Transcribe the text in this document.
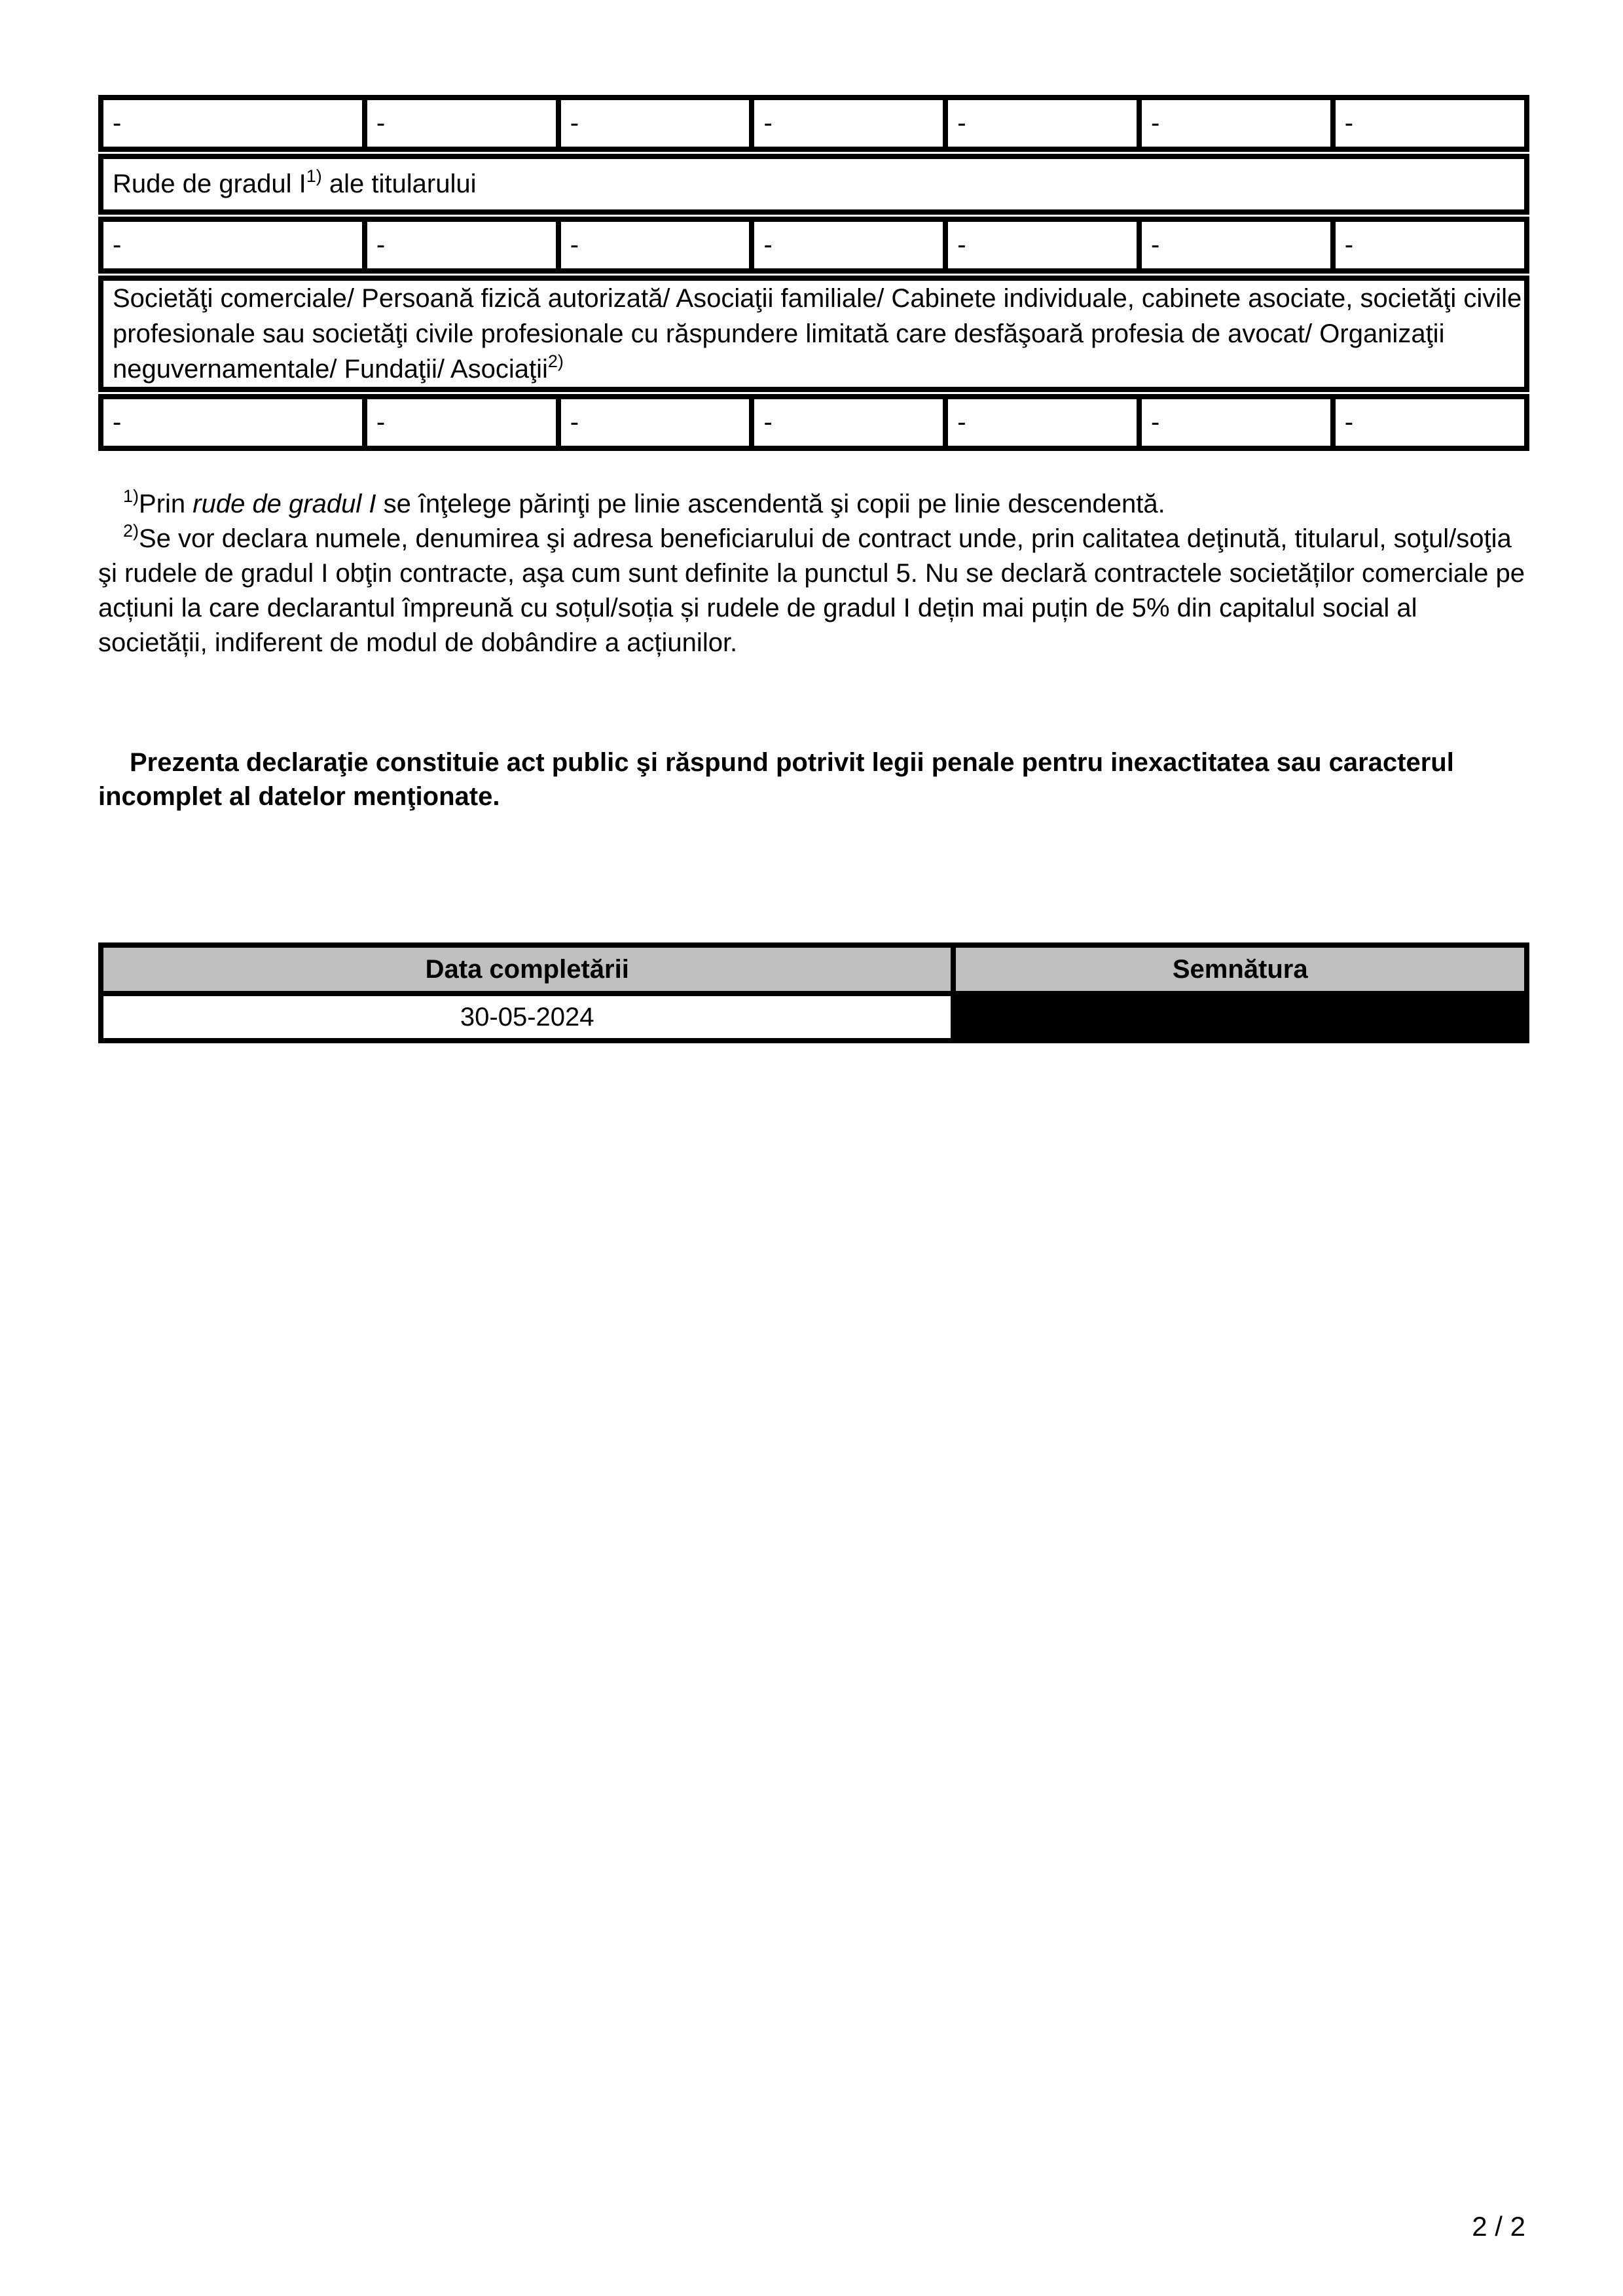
-	-	-	-	-	-	-
Rude de gradul $I^{1)}$ ale titularului
-	-	-	-	-	-	-
Societăţi comerciale/ Persoană fizică autorizată/ Asociaţii familiale/ Cabinete individuale, cabinete asociate, societăţi civile profesionale sau societăţi civile profesionale cu răspundere limitată care desfăşoară profesia de avocat/ Organizaţii neguvernamentale/ Fundaţii/ Asociaţii$^{2)}$
-	-	-	-	-	-	-

$^{1)}$Prin rude de gradul I se înţelege părinţi pe linie ascendentă şi copii pe linie descendentă.

$^{2)}$Se vor declara numele, denumirea şi adresa beneficiarului de contract unde, prin calitatea deţinută, titularul, soţul/soţia şi rudele de gradul I obţin contracte, aşa cum sunt definite la punctul 5. Nu se declară contractele societăților comerciale pe acțiuni la care declarantul împreună cu soțul/soția și rudele de gradul I dețin mai puțin de 5% din capitalul social al societății, indiferent de modul de dobândire a acțiunilor.

Prezenta declaraţie constituie act public şi răspund potrivit legii penale pentru inexactitatea sau caracterul incomplet al datelor menţionate.

Data completării	Semnătura
30-05-2024	
2 / 2
